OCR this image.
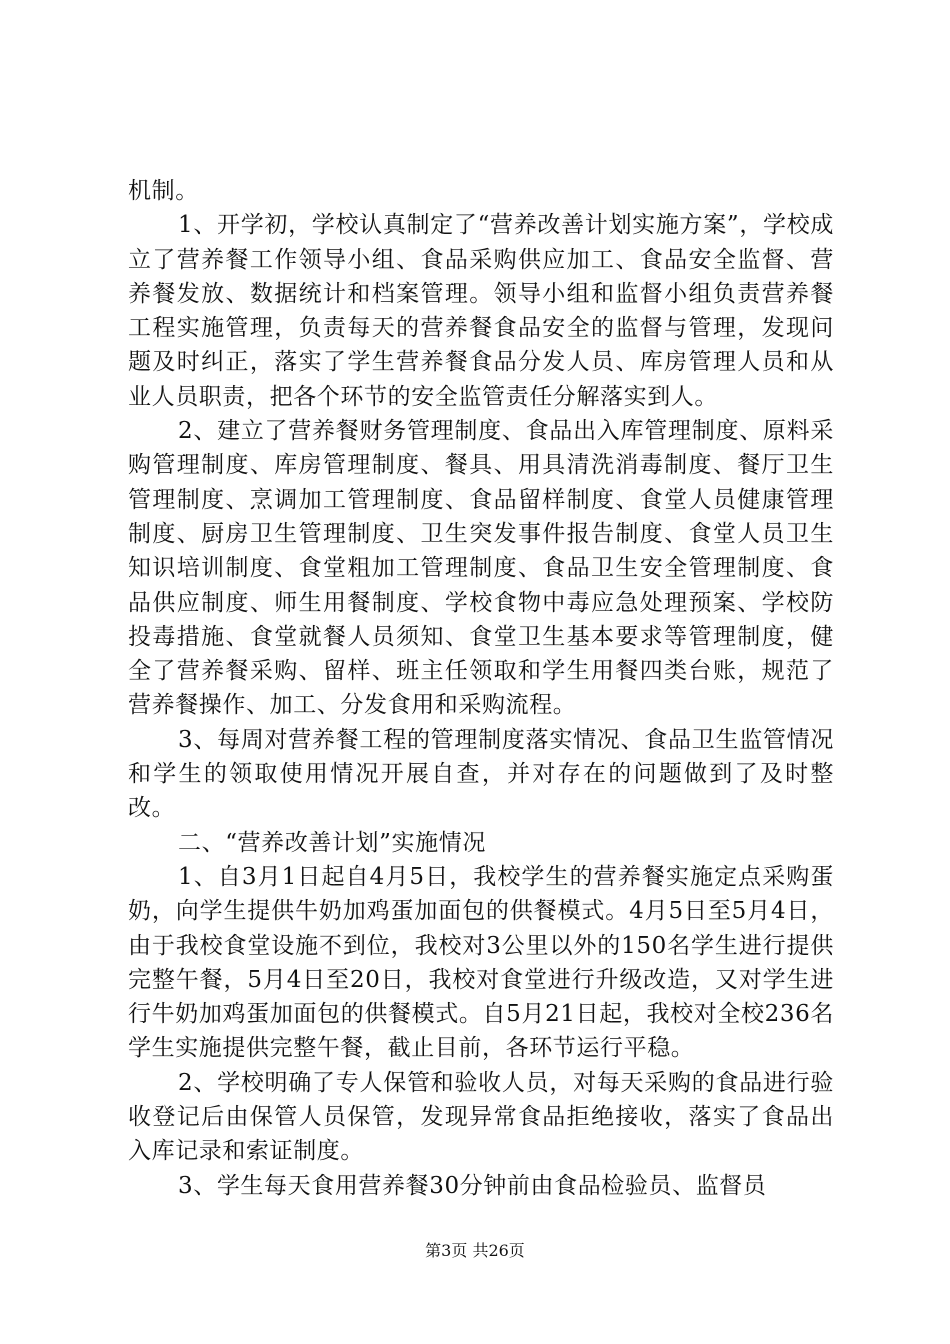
机制。

1、开学初，学校认真制定了“营养改善计划实施方案”，学校成立了营养餐工作领导小组、食品采购供应加工、食品安全监督、营养餐发放、数据统计和档案管理。领导小组和监督小组负责营养餐工程实施管理，负责每天的营养餐食品安全的监督与管理，发现问题及时纠正，落实了学生营养餐食品分发人员、库房管理人员和从业人员职责，把各个环节的安全监管责任分解落实到人。

2、建立了营养餐财务管理制度、食品出入库管理制度、原料采购管理制度、库房管理制度、餐具、用具清洗消毒制度、餐厅卫生管理制度、烹调加工管理制度、食品留样制度、食堂人员健康管理制度、厨房卫生管理制度、卫生突发事件报告制度、食堂人员卫生知识培训制度、食堂粗加工管理制度、食品卫生安全管理制度、食品供应制度、师生用餐制度、学校食物中毒应急处理预案、学校防投毒措施、食堂就餐人员须知、食堂卫生基本要求等管理制度，健全了营养餐采购、留样、班主任领取和学生用餐四类台账，规范了营养餐操作、加工、分发食用和采购流程。

3、每周对营养餐工程的管理制度落实情况、食品卫生监管情况和学生的领取使用情况开展自查，并对存在的问题做到了及时整改。

二、“营养改善计划”实施情况

1、自3月1日起自4月5日，我校学生的营养餐实施定点采购蛋奶，向学生提供牛奶加鸡蛋加面包的供餐模式。4月5日至5月4日，由于我校食堂设施不到位，我校对3公里以外的150名学生进行提供完整午餐，5月4日至20日，我校对食堂进行升级改造，又对学生进行牛奶加鸡蛋加面包的供餐模式。自5月21日起，我校对全校236名学生实施提供完整午餐，截止目前，各环节运行平稳。

2、学校明确了专人保管和验收人员，对每天采购的食品进行验收登记后由保管人员保管，发现异常食品拒绝接收，落实了食品出入库记录和索证制度。

3、学生每天食用营养餐30分钟前由食品检验员、监督员

第3页 共26页
